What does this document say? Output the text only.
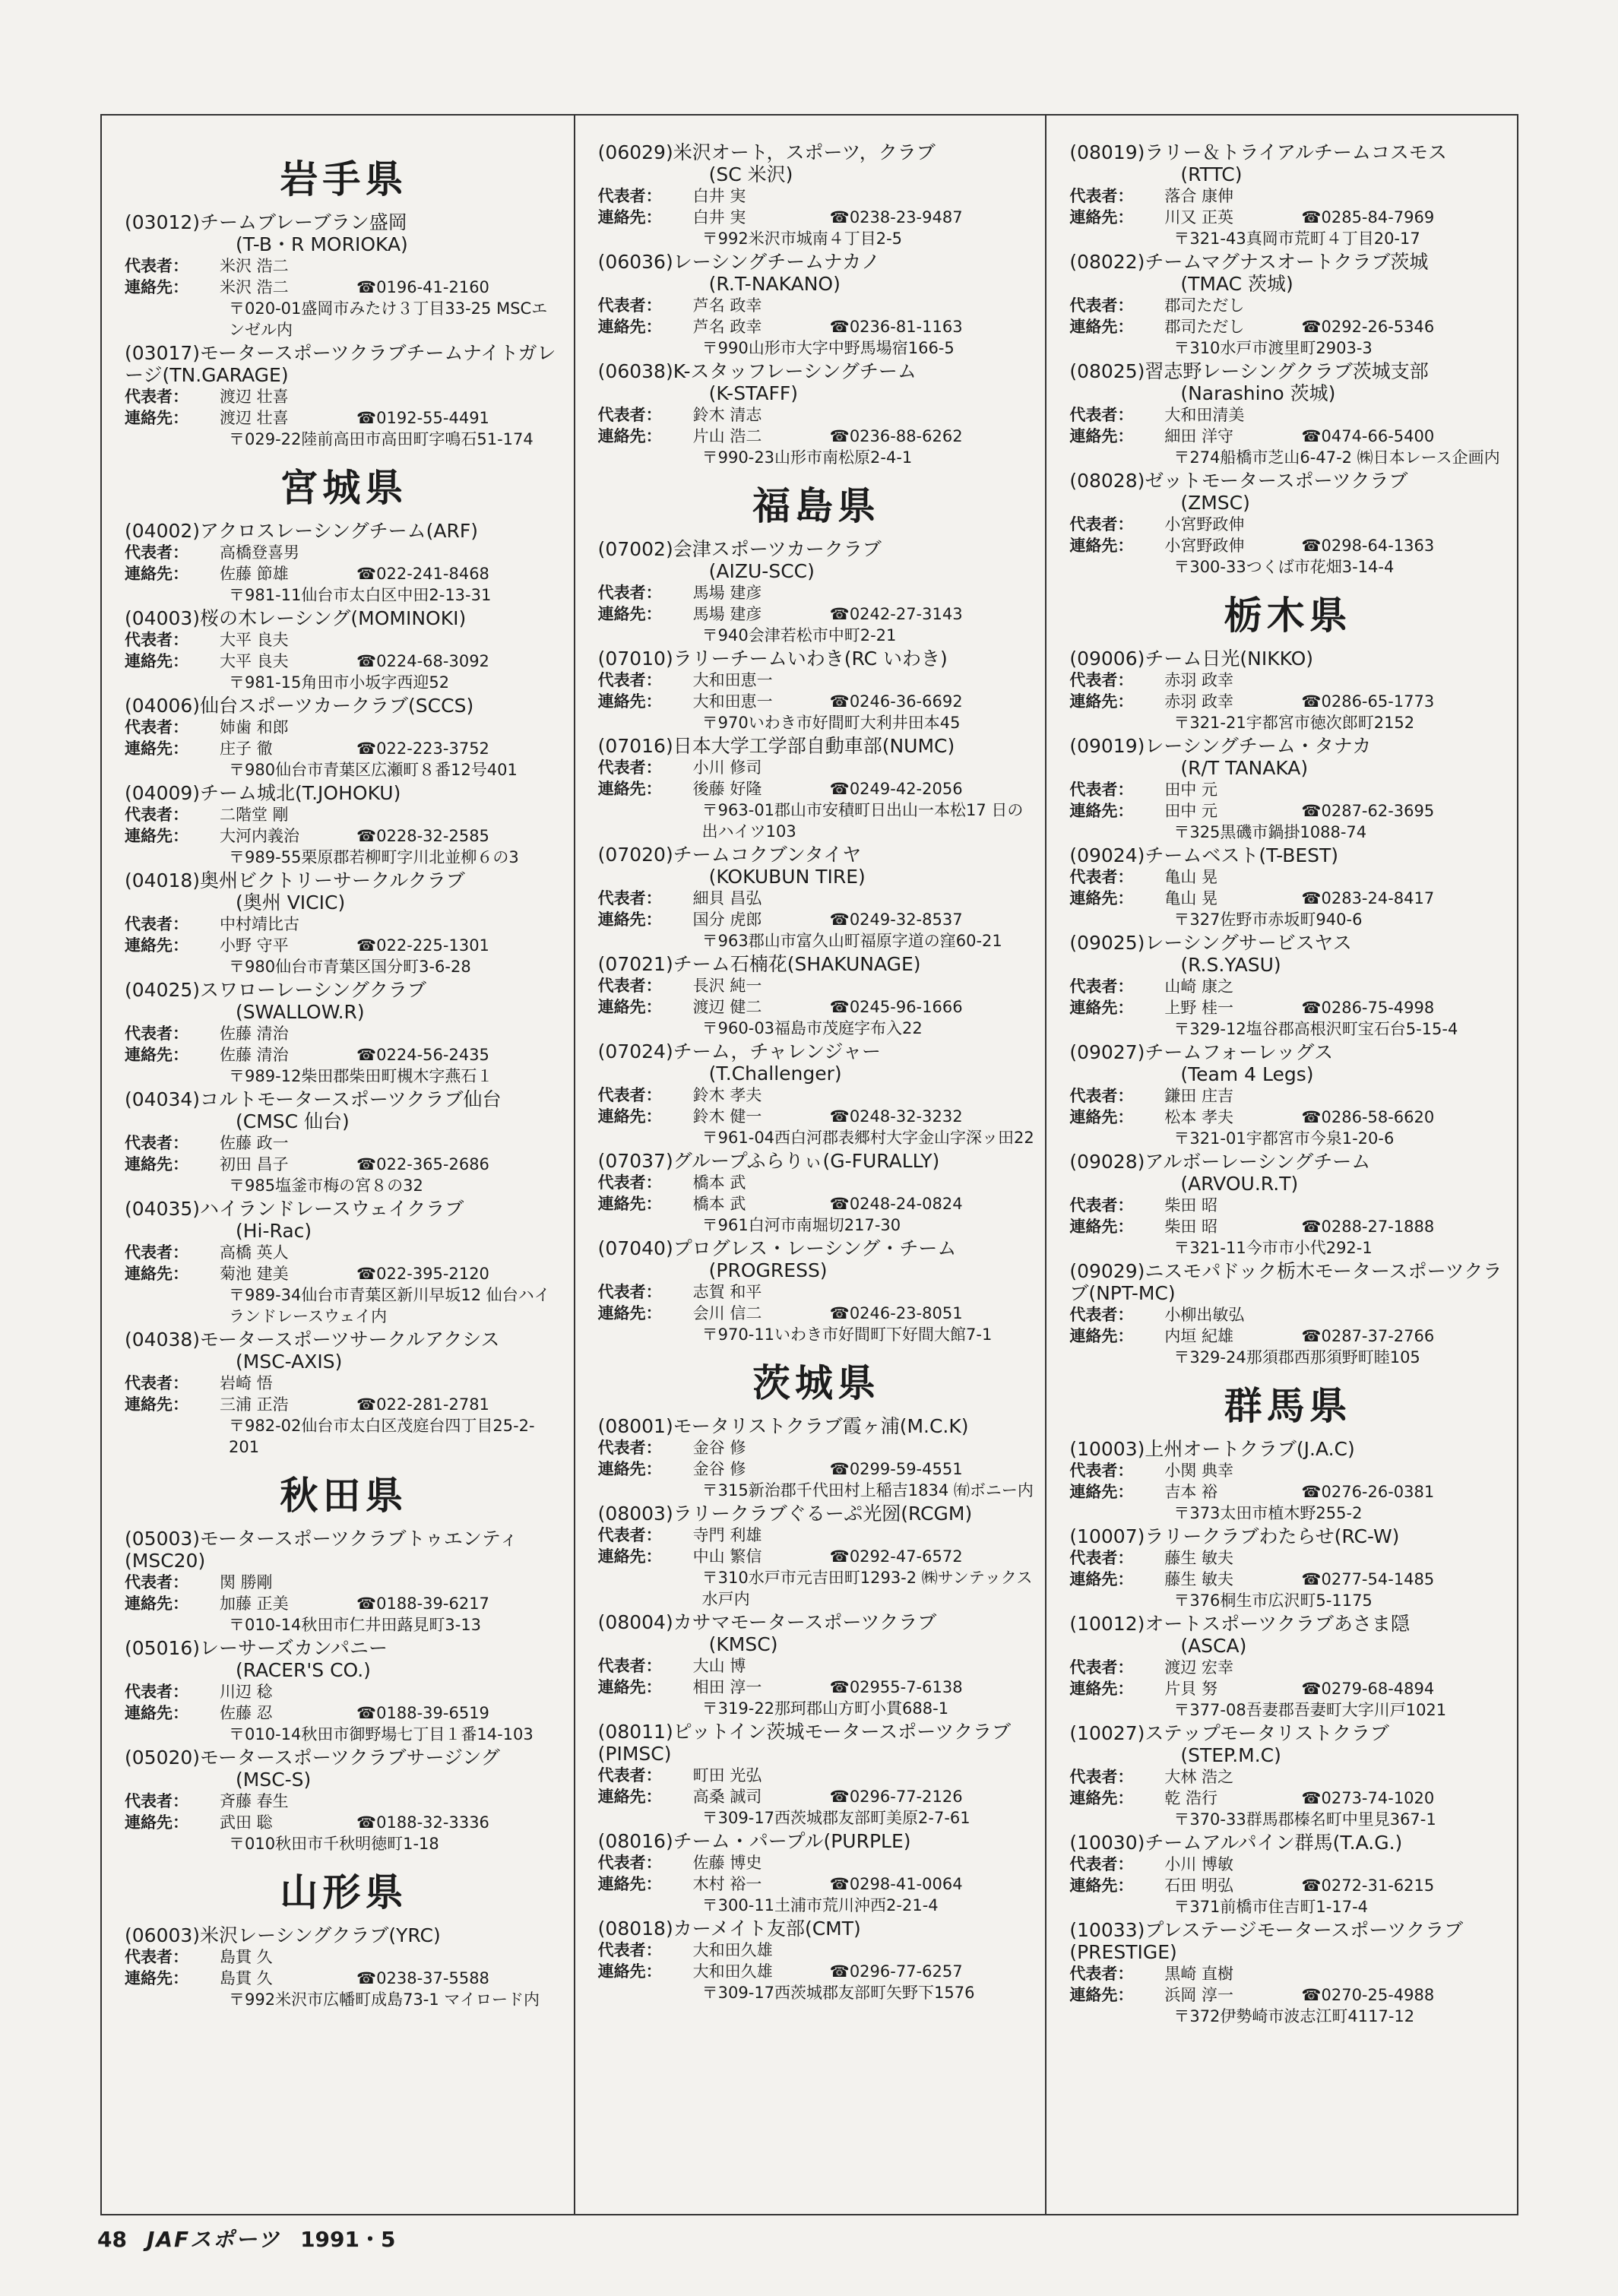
岩手県
(03012)チームブレーブラン盛岡
(T-B・R MORIOKA)
代表者：	米沢 浩二
連絡先：	米沢 浩二	☎0196-41-2160
〒020-01盛岡市みたけ３丁目33-25 MSCエンゼル内
(03017)モータースポーツクラブチームナイトガレージ(TN.GARAGE)
代表者：	渡辺 壮喜
連絡先：	渡辺 壮喜	☎0192-55-4491
〒029-22陸前高田市高田町字鳴石51-174
宮城県
(04002)アクロスレーシングチーム(ARF)
代表者：	高橋登喜男
連絡先：	佐藤 節雄	☎022-241-8468
〒981-11仙台市太白区中田2-13-31
(04003)桜の木レーシング(MOMINOKI)
代表者：	大平 良夫
連絡先：	大平 良夫	☎0224-68-3092
〒981-15角田市小坂字西迎52
(04006)仙台スポーツカークラブ(SCCS)
代表者：	姉歯 和郎
連絡先：	庄子 徹	☎022-223-3752
〒980仙台市青葉区広瀬町８番12号401
(04009)チーム城北(T.JOHOKU)
代表者：	二階堂 剛
連絡先：	大河内義治	☎0228-32-2585
〒989-55栗原郡若柳町字川北並柳６の3
(04018)奥州ビクトリーサークルクラブ
(奥州 VICIC)
代表者：	中村靖比古
連絡先：	小野 守平	☎022-225-1301
〒980仙台市青葉区国分町3-6-28
(04025)スワローレーシングクラブ
(SWALLOW.R)
代表者：	佐藤 清治
連絡先：	佐藤 清治	☎0224-56-2435
〒989-12柴田郡柴田町槻木字燕石１
(04034)コルトモータースポーツクラブ仙台
(CMSC 仙台)
代表者：	佐藤 政一
連絡先：	初田 昌子	☎022-365-2686
〒985塩釜市梅の宮８の32
(04035)ハイランドレースウェイクラブ
(Hi-Rac)
代表者：	高橋 英人
連絡先：	菊池 建美	☎022-395-2120
〒989-34仙台市青葉区新川早坂12 仙台ハイランドレースウェイ内
(04038)モータースポーツサークルアクシス
(MSC-AXIS)
代表者：	岩崎 悟
連絡先：	三浦 正浩	☎022-281-2781
〒982-02仙台市太白区茂庭台四丁目25-2-201
秋田県
(05003)モータースポーツクラブトゥエンティ(MSC20)
代表者：	関 勝剛
連絡先：	加藤 正美	☎0188-39-6217
〒010-14秋田市仁井田蕗見町3-13
(05016)レーサーズカンパニー
(RACER'S CO.)
代表者：	川辺 稔
連絡先：	佐藤 忍	☎0188-39-6519
〒010-14秋田市御野場七丁目１番14-103
(05020)モータースポーツクラブサージング
(MSC-S)
代表者：	斉藤 春生
連絡先：	武田 聡	☎0188-32-3336
〒010秋田市千秋明徳町1-18
山形県
(06003)米沢レーシングクラブ(YRC)
代表者：	島貫 久
連絡先：	島貫 久	☎0238-37-5588
〒992米沢市広幡町成島73-1 マイロード内
(06029)米沢オート，スポーツ，クラブ
(SC 米沢)
代表者：	白井 実
連絡先：	白井 実	☎0238-23-9487
〒992米沢市城南４丁目2-5
(06036)レーシングチームナカノ
(R.T-NAKANO)
代表者：	芦名 政幸
連絡先：	芦名 政幸	☎0236-81-1163
〒990山形市大字中野馬場宿166-5
(06038)K-スタッフレーシングチーム
(K-STAFF)
代表者：	鈴木 清志
連絡先：	片山 浩二	☎0236-88-6262
〒990-23山形市南松原2-4-1
福島県
(07002)会津スポーツカークラブ
(AIZU-SCC)
代表者：	馬場 建彦
連絡先：	馬場 建彦	☎0242-27-3143
〒940会津若松市中町2-21
(07010)ラリーチームいわき(RC いわき)
代表者：	大和田恵一
連絡先：	大和田恵一	☎0246-36-6692
〒970いわき市好間町大利井田本45
(07016)日本大学工学部自動車部(NUMC)
代表者：	小川 修司
連絡先：	後藤 好隆	☎0249-42-2056
〒963-01郡山市安積町日出山一本松17 日の出ハイツ103
(07020)チームコクブンタイヤ
(KOKUBUN TIRE)
代表者：	細貝 昌弘
連絡先：	国分 虎郎	☎0249-32-8537
〒963郡山市富久山町福原字道の窪60-21
(07021)チーム石楠花(SHAKUNAGE)
代表者：	長沢 純一
連絡先：	渡辺 健二	☎0245-96-1666
〒960-03福島市茂庭字布入22
(07024)チーム，チャレンジャー
(T.Challenger)
代表者：	鈴木 孝夫
連絡先：	鈴木 健一	☎0248-32-3232
〒961-04西白河郡表郷村大字金山字深ッ田22
(07037)グループふらりぃ(G-FURALLY)
代表者：	橋本 武
連絡先：	橋本 武	☎0248-24-0824
〒961白河市南堀切217-30
(07040)プログレス・レーシング・チーム
(PROGRESS)
代表者：	志賀 和平
連絡先：	会川 信二	☎0246-23-8051
〒970-11いわき市好間町下好間大館7-1
茨城県
(08001)モータリストクラブ霞ヶ浦(M.C.K)
代表者：	金谷 修
連絡先：	金谷 修	☎0299-59-4551
〒315新治郡千代田村上稲吉1834 ㈲ボニー内
(08003)ラリークラブぐるーぷ光圀(RCGM)
代表者：	寺門 利雄
連絡先：	中山 繁信	☎0292-47-6572
〒310水戸市元吉田町1293-2 ㈱サンテックス水戸内
(08004)カサマモータースポーツクラブ
(KMSC)
代表者：	大山 博
連絡先：	相田 淳一	☎02955-7-6138
〒319-22那珂郡山方町小貫688-1
(08011)ピットイン茨城モータースポーツクラブ(PIMSC)
代表者：	町田 光弘
連絡先：	高桑 誠司	☎0296-77-2126
〒309-17西茨城郡友部町美原2-7-61
(08016)チーム・パープル(PURPLE)
代表者：	佐藤 博史
連絡先：	木村 裕一	☎0298-41-0064
〒300-11土浦市荒川沖西2-21-4
(08018)カーメイト友部(CMT)
代表者：	大和田久雄
連絡先：	大和田久雄	☎0296-77-6257
〒309-17西茨城郡友部町矢野下1576
(08019)ラリー＆トライアルチームコスモス
(RTTC)
代表者：	落合 康伸
連絡先：	川又 正英	☎0285-84-7969
〒321-43真岡市荒町４丁目20-17
(08022)チームマグナスオートクラブ茨城
(TMAC 茨城)
代表者：	郡司ただし
連絡先：	郡司ただし	☎0292-26-5346
〒310水戸市渡里町2903-3
(08025)習志野レーシングクラブ茨城支部
(Narashino 茨城)
代表者：	大和田清美
連絡先：	細田 洋守	☎0474-66-5400
〒274船橋市芝山6-47-2 ㈱日本レース企画内
(08028)ゼットモータースポーツクラブ
(ZMSC)
代表者：	小宮野政伸
連絡先：	小宮野政伸	☎0298-64-1363
〒300-33つくば市花畑3-14-4
栃木県
(09006)チーム日光(NIKKO)
代表者：	赤羽 政幸
連絡先：	赤羽 政幸	☎0286-65-1773
〒321-21宇都宮市徳次郎町2152
(09019)レーシングチーム・タナカ
(R/T TANAKA)
代表者：	田中 元
連絡先：	田中 元	☎0287-62-3695
〒325黒磯市鍋掛1088-74
(09024)チームベスト(T-BEST)
代表者：	亀山 晃
連絡先：	亀山 晃	☎0283-24-8417
〒327佐野市赤坂町940-6
(09025)レーシングサービスヤス
(R.S.YASU)
代表者：	山崎 康之
連絡先：	上野 桂一	☎0286-75-4998
〒329-12塩谷郡高根沢町宝石台5-15-4
(09027)チームフォーレッグス
(Team 4 Legs)
代表者：	鎌田 庄吉
連絡先：	松本 孝夫	☎0286-58-6620
〒321-01宇都宮市今泉1-20-6
(09028)アルボーレーシングチーム
(ARVOU.R.T)
代表者：	柴田 昭
連絡先：	柴田 昭	☎0288-27-1888
〒321-11今市市小代292-1
(09029)ニスモパドック栃木モータースポーツクラブ(NPT-MC)
代表者：	小柳出敏弘
連絡先：	内垣 紀雄	☎0287-37-2766
〒329-24那須郡西那須野町睦105
群馬県
(10003)上州オートクラブ(J.A.C)
代表者：	小関 典幸
連絡先：	吉本 裕	☎0276-26-0381
〒373太田市植木野255-2
(10007)ラリークラブわたらせ(RC-W)
代表者：	藤生 敏夫
連絡先：	藤生 敏夫	☎0277-54-1485
〒376桐生市広沢町5-1175
(10012)オートスポーツクラブあさま隠
(ASCA)
代表者：	渡辺 宏幸
連絡先：	片貝 努	☎0279-68-4894
〒377-08吾妻郡吾妻町大字川戸1021
(10027)ステップモータリストクラブ
(STEP.M.C)
代表者：	大林 浩之
連絡先：	乾 浩行	☎0273-74-1020
〒370-33群馬郡榛名町中里見367-1
(10030)チームアルパイン群馬(T.A.G.)
代表者：	小川 博敏
連絡先：	石田 明弘	☎0272-31-6215
〒371前橋市住吉町1-17-4
(10033)プレステージモータースポーツクラブ(PRESTIGE)
代表者：	黒崎 直樹
連絡先：	浜岡 淳一	☎0270-25-4988
〒372伊勢崎市波志江町4117-12
48 JAFスポーツ 1991・5
